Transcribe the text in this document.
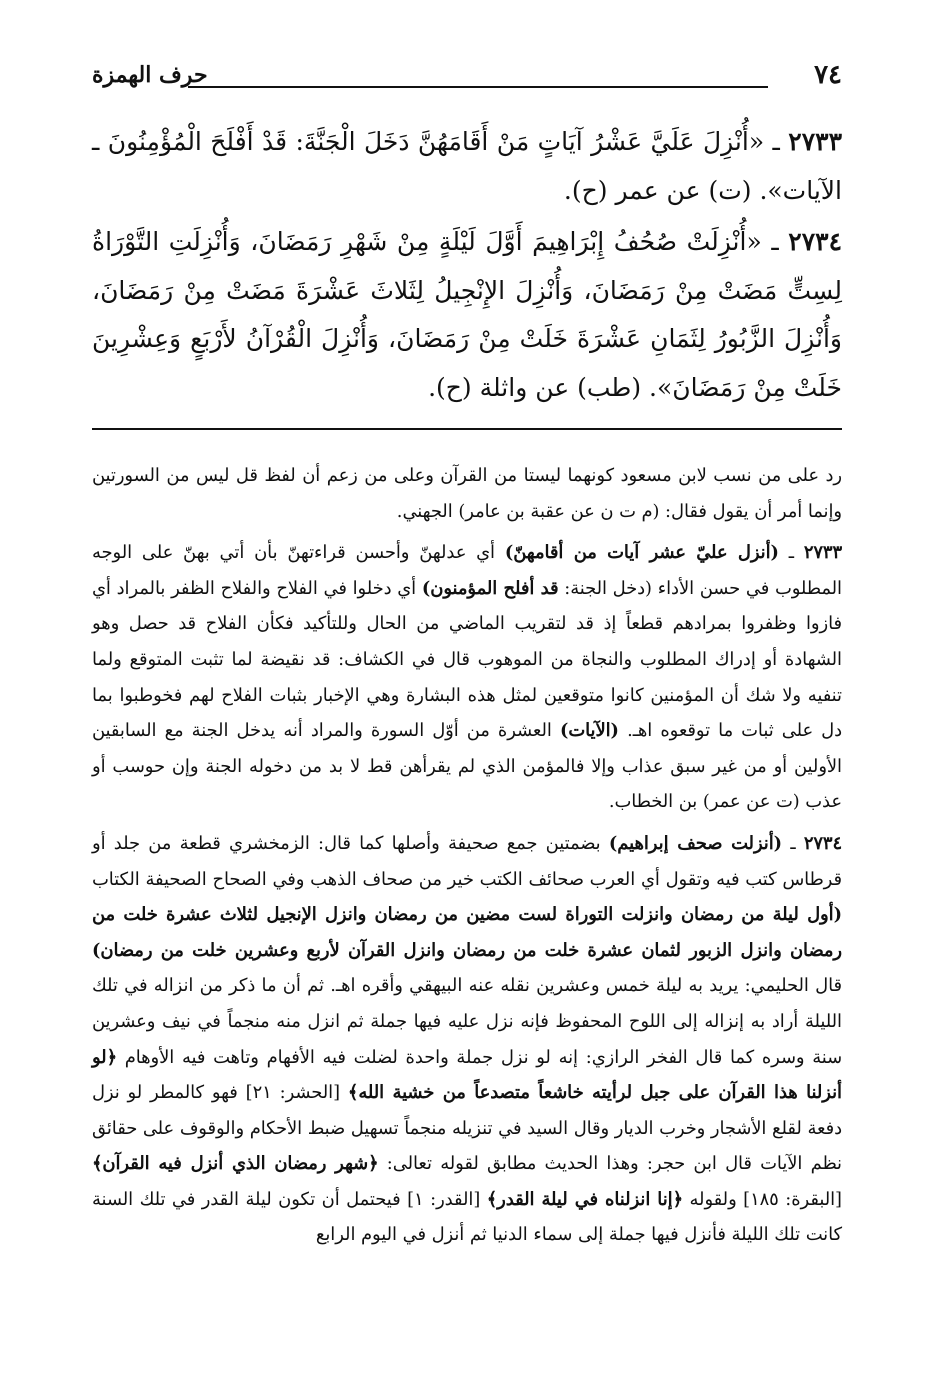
٧٤
حرف الهمزة

٢٧٣٣ ـ «أُنْزِلَ عَلَيَّ عَشْرُ آيَاتٍ مَنْ أَقَامَهُنَّ دَخَلَ الْجَنَّةَ: قَدْ أَفْلَحَ الْمُؤْمِنُونَ ـ الآيات». (ت) عن عمر (ح).

٢٧٣٤ ـ «أُنْزِلَتْ صُحُفُ إِبْرَاهِيمَ أَوَّلَ لَيْلَةٍ مِنْ شَهْرِ رَمَضَانَ، وَأُنْزِلَتِ التَّوْرَاةُ لِسِتٍّ مَضَتْ مِنْ رَمَضَانَ، وَأُنْزِلَ الإِنْجِيلُ لِثَلاثَ عَشْرَةَ مَضَتْ مِنْ رَمَضَانَ، وَأُنْزِلَ الزَّبُورُ لِثَمَانِ عَشْرَةَ خَلَتْ مِنْ رَمَضَانَ، وَأُنْزِلَ الْقُرْآنُ لأَرْبَعٍ وَعِشْرِينَ خَلَتْ مِنْ رَمَضَانَ». (طب) عن واثلة (ح).

رد على من نسب لابن مسعود كونهما ليستا من القرآن وعلى من زعم أن لفظ قل ليس من السورتين وإنما أمر أن يقول فقال: (م ت ن عن عقبة بن عامر) الجهني.

٢٧٣٣ ـ (أنزل عليّ عشر آيات من أقامهنّ) أي عدلهنّ وأحسن قراءتهنّ بأن أتي بهنّ على الوجه المطلوب في حسن الأداء (دخل الجنة: قد أفلح المؤمنون) أي دخلوا في الفلاح والفلاح الظفر بالمراد أي فازوا وظفروا بمرادهم قطعاً إذ قد لتقريب الماضي من الحال وللتأكيد فكأن الفلاح قد حصل وهو الشهادة أو إدراك المطلوب والنجاة من الموهوب قال في الكشاف: قد نقيضة لما تثبت المتوقع ولما تنفيه ولا شك أن المؤمنين كانوا متوقعين لمثل هذه البشارة وهي الإخبار بثبات الفلاح لهم فخوطبوا بما دل على ثبات ما توقعوه اهـ. (الآيات) العشرة من أوّل السورة والمراد أنه يدخل الجنة مع السابقين الأولين أو من غير سبق عذاب وإلا فالمؤمن الذي لم يقرأهن قط لا بد من دخوله الجنة وإن حوسب أو عذب (ت عن عمر) بن الخطاب.

٢٧٣٤ ـ (أنزلت صحف إبراهيم) بضمتين جمع صحيفة وأصلها كما قال: الزمخشري قطعة من جلد أو قرطاس كتب فيه وتقول أي العرب صحائف الكتب خير من صحاف الذهب وفي الصحاح الصحيفة الكتاب (أول ليلة من رمضان وانزلت التوراة لست مضين من رمضان وانزل الإنجيل لثلاث عشرة خلت من رمضان وانزل الزبور لثمان عشرة خلت من رمضان وانزل القرآن لأربع وعشرين خلت من رمضان) قال الحليمي: يريد به ليلة خمس وعشرين نقله عنه البيهقي وأقره اهـ. ثم أن ما ذكر من انزاله في تلك الليلة أراد به إنزاله إلى اللوح المحفوظ فإنه نزل عليه فيها جملة ثم انزل منه منجماً في نيف وعشرين سنة وسره كما قال الفخر الرازي: إنه لو نزل جملة واحدة لضلت فيه الأفهام وتاهت فيه الأوهام ﴿لو أنزلنا هذا القرآن على جبل لرأيته خاشعاً متصدعاً من خشية الله﴾ [الحشر: ٢١] فهو كالمطر لو نزل دفعة لقلع الأشجار وخرب الديار وقال السيد في تنزيله منجماً تسهيل ضبط الأحكام والوقوف على حقائق نظم الآيات قال ابن حجر: وهذا الحديث مطابق لقوله تعالى: ﴿شهر رمضان الذي أنزل فيه القرآن﴾ [البقرة: ١٨٥] ولقوله ﴿إنا انزلناه في ليلة القدر﴾ [القدر: ١] فيحتمل أن تكون ليلة القدر في تلك السنة كانت تلك الليلة فأنزل فيها جملة إلى سماء الدنيا ثم أنزل في اليوم الرابع
